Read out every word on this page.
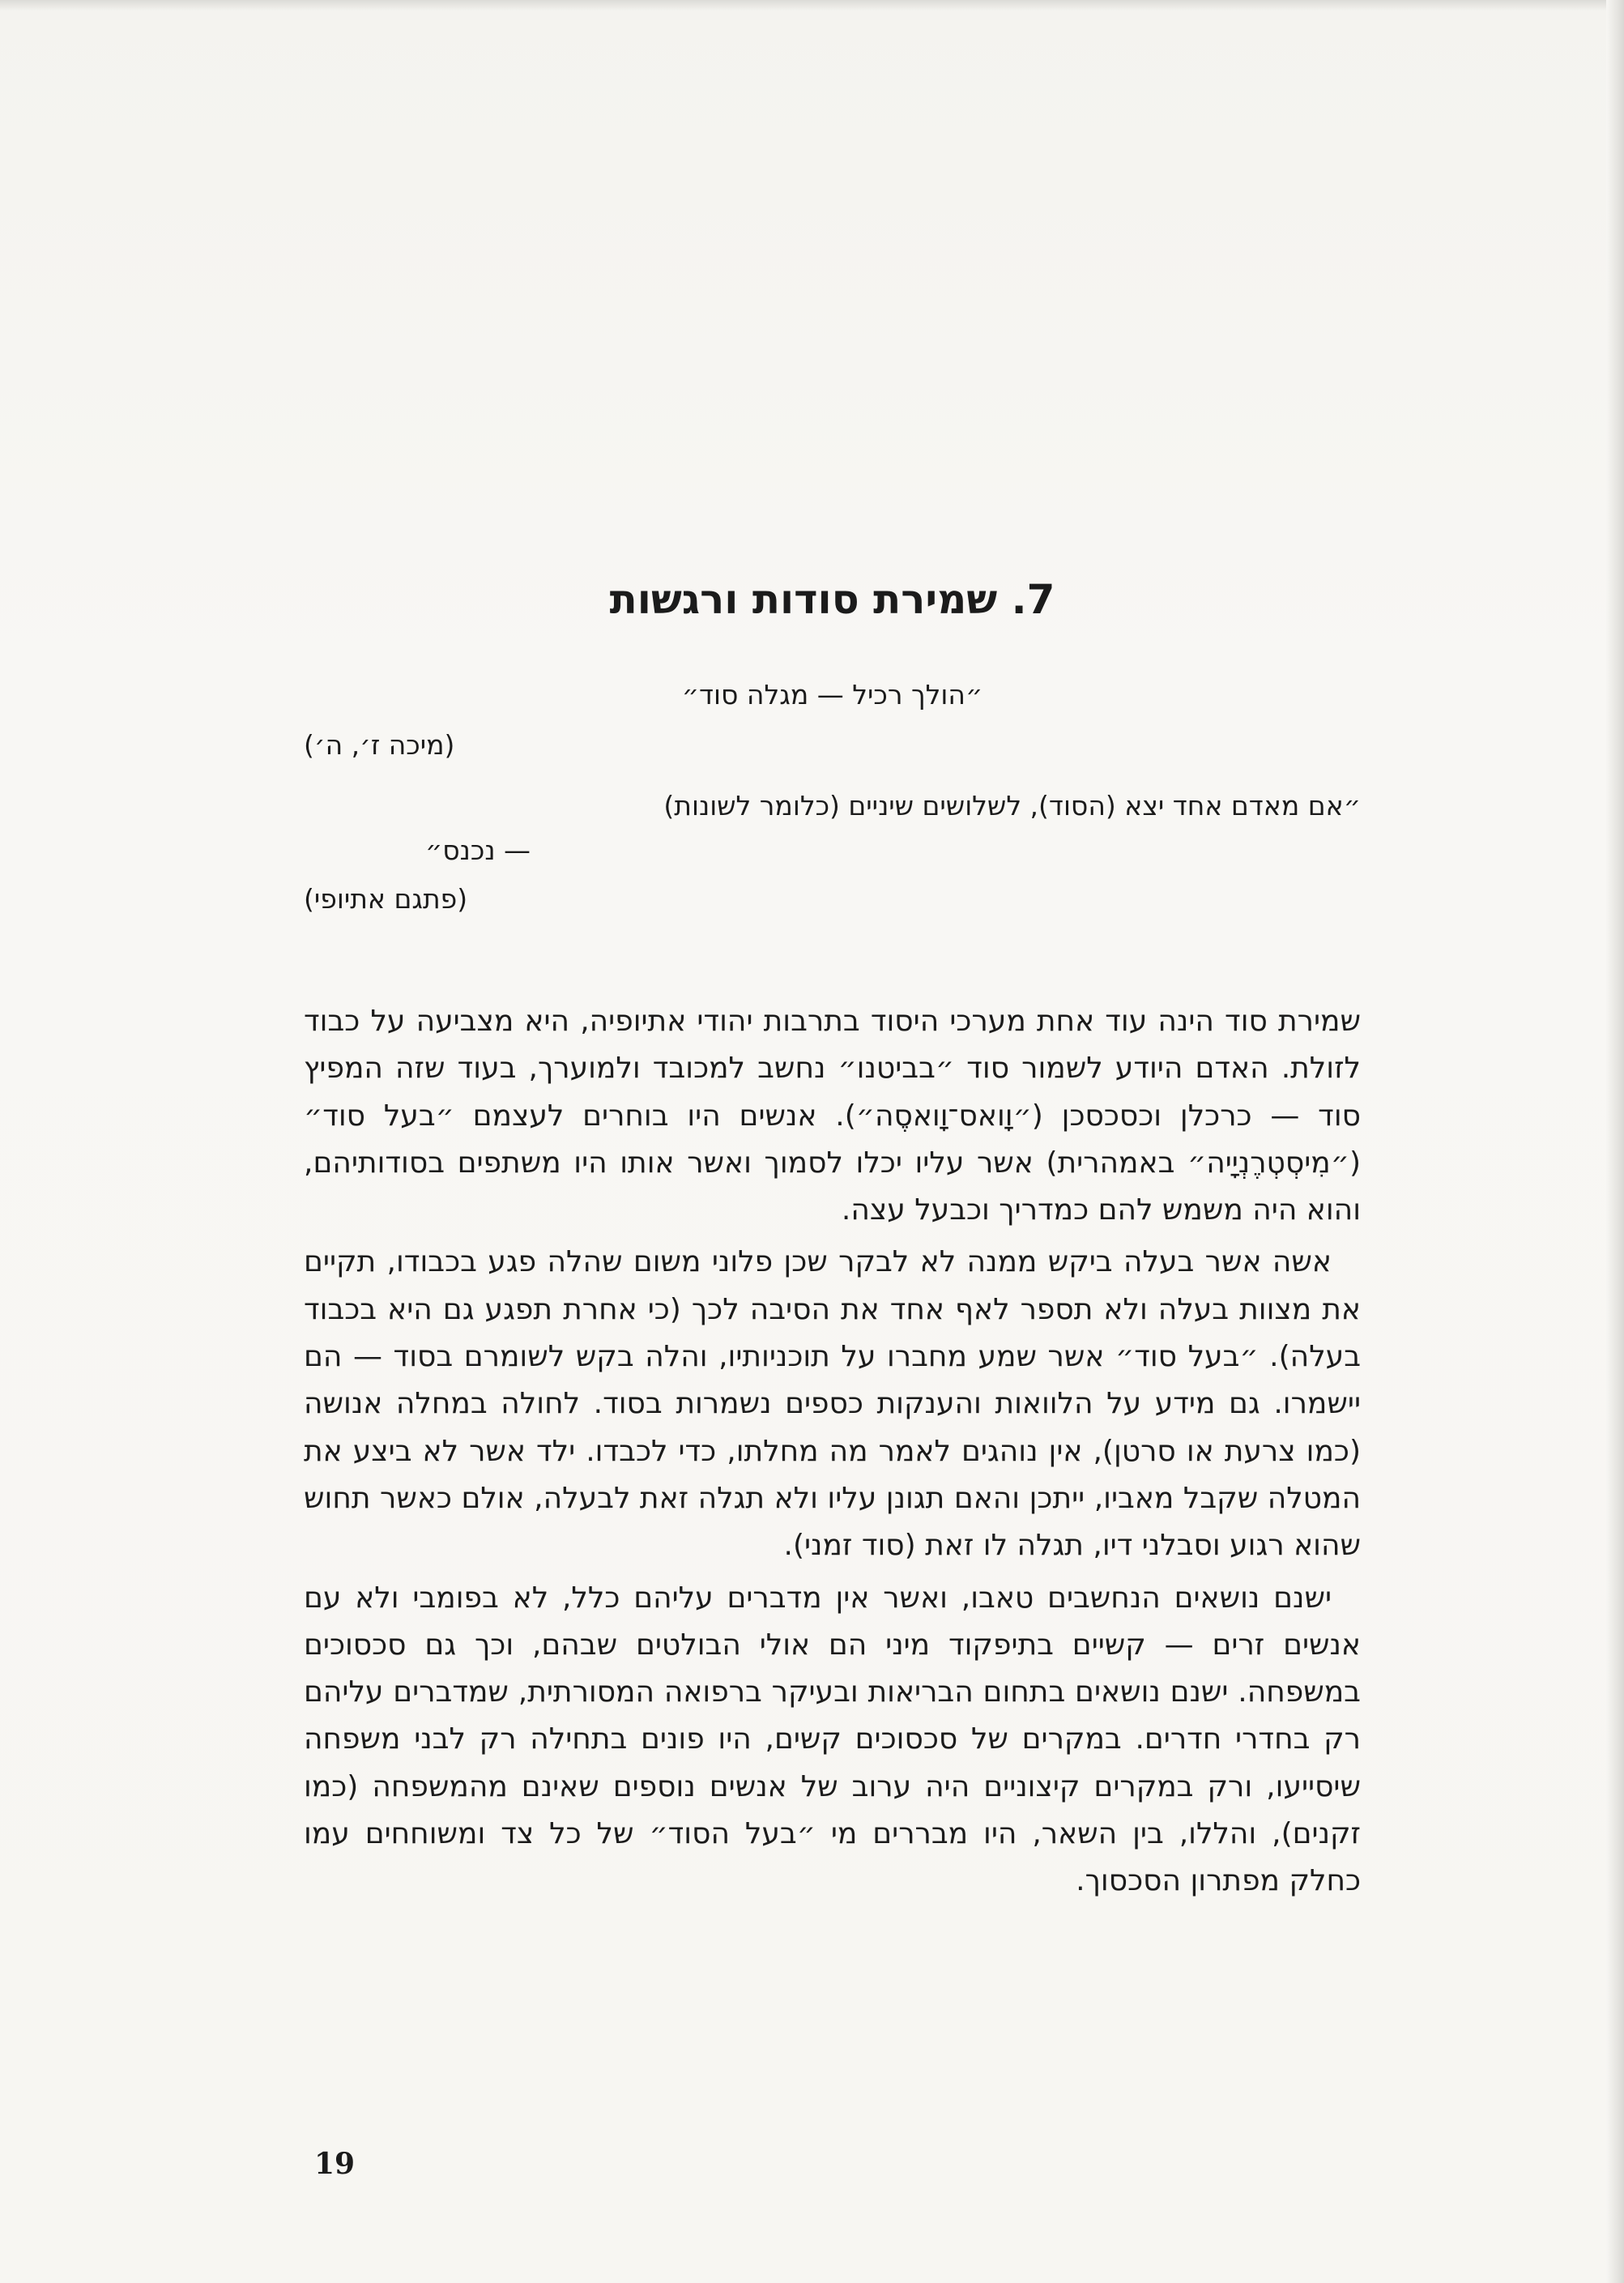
7. שמירת סודות ורגשות

״הולך רכיל — מגלה סוד״

(מיכה ז׳, ה׳)

״אם מאדם אחד יצא (הסוד), לשלושים שיניים (כלומר לשונות)

— נכנס״

(פתגם אתיופי)

שמירת סוד הינה עוד אחת מערכי היסוד בתרבות יהודי אתיופיה, היא מצביעה על כבוד לזולת. האדם היודע לשמור סוד ״בביטנו״ נחשב למכובד ולמוערך, בעוד שזה המפיץ סוד — כרכלן וכסכסכן (״וָואס־וָואסֶה״). אנשים היו בוחרים לעצמם ״בעל סוד״ (״מִיסְטְרֶנְיָיה״ באמהרית) אשר עליו יכלו לסמוך ואשר אותו היו משתפים בסודותיהם, והוא היה משמש להם כמדריך וכבעל עצה.

אשה אשר בעלה ביקש ממנה לא לבקר שכן פלוני משום שהלה פגע בכבודו, תקיים את מצוות בעלה ולא תספר לאף אחד את הסיבה לכך (כי אחרת תפגע גם היא בכבוד בעלה). ״בעל סוד״ אשר שמע מחברו על תוכניותיו, והלה בקש לשומרם בסוד — הם יישמרו. גם מידע על הלוואות והענקות כספים נשמרות בסוד. לחולה במחלה אנושה (כמו צרעת או סרטן), אין נוהגים לאמר מה מחלתו, כדי לכבדו. ילד אשר לא ביצע את המטלה שקבל מאביו, ייתכן והאם תגונן עליו ולא תגלה זאת לבעלה, אולם כאשר תחוש שהוא רגוע וסבלני דיו, תגלה לו זאת (סוד זמני).

ישנם נושאים הנחשבים טאבו, ואשר אין מדברים עליהם כלל, לא בפומבי ולא עם אנשים זרים — קשיים בתיפקוד מיני הם אולי הבולטים שבהם, וכך גם סכסוכים במשפחה. ישנם נושאים בתחום הבריאות ובעיקר ברפואה המסורתית, שמדברים עליהם רק בחדרי חדרים. במקרים של סכסוכים קשים, היו פונים בתחילה רק לבני משפחה שיסייעו, ורק במקרים קיצוניים היה ערוב של אנשים נוספים שאינם מהמשפחה (כמו זקנים), והללו, בין השאר, היו מבררים מי ״בעל הסוד״ של כל צד ומשוחחים עמו כחלק מפתרון הסכסוך.

19
